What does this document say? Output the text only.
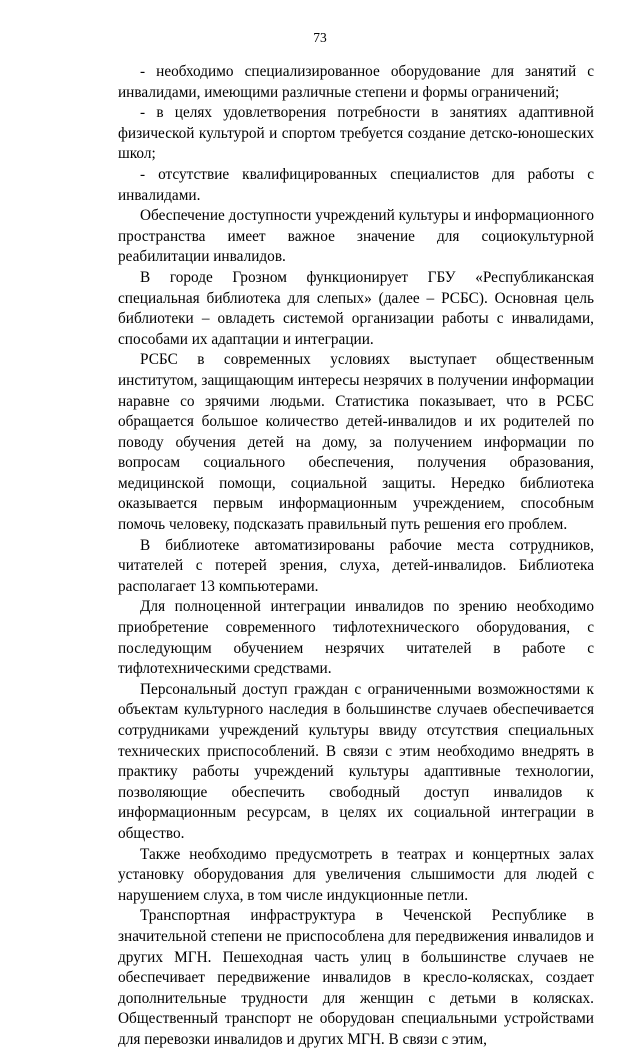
73

- необходимо специализированное оборудование для занятий с инвалидами, имеющими различные степени и формы ограничений;

- в целях удовлетворения потребности в занятиях адаптивной физической культурой и спортом требуется создание детско-юношеских школ;

- отсутствие квалифицированных специалистов для работы с инвалидами.

Обеспечение доступности учреждений культуры и информационного пространства имеет важное значение для социокультурной реабилитации инвалидов.

В городе Грозном функционирует ГБУ «Республиканская специальная библиотека для слепых» (далее – РСБС). Основная цель библиотеки – овладеть системой организации работы с инвалидами, способами их адаптации и интеграции.

РСБС в современных условиях выступает общественным институтом, защищающим интересы незрячих в получении информации наравне со зрячими людьми. Статистика показывает, что в РСБС обращается большое количество детей-инвалидов и их родителей по поводу обучения детей на дому, за получением информации по вопросам социального обеспечения, получения образования, медицинской помощи, социальной защиты. Нередко библиотека оказывается первым информационным учреждением, способным помочь человеку, подсказать правильный путь решения его проблем.

В библиотеке автоматизированы рабочие места сотрудников, читателей с потерей зрения, слуха, детей-инвалидов. Библиотека располагает 13 компьютерами.

Для полноценной интеграции инвалидов по зрению необходимо приобретение современного тифлотехнического оборудования, с последующим обучением незрячих читателей в работе с тифлотехническими средствами.

Персональный доступ граждан с ограниченными возможностями к объектам культурного наследия в большинстве случаев обеспечивается сотрудниками учреждений культуры ввиду отсутствия специальных технических приспособлений. В связи с этим необходимо внедрять в практику работы учреждений культуры адаптивные технологии, позволяющие обеспечить свободный доступ инвалидов к информационным ресурсам, в целях их социальной интеграции в общество.

Также необходимо предусмотреть в театрах и концертных залах установку оборудования для увеличения слышимости для людей с нарушением слуха, в том числе индукционные петли.

Транспортная инфраструктура в Чеченской Республике в значительной степени не приспособлена для передвижения инвалидов и других МГН. Пешеходная часть улиц в большинстве случаев не обеспечивает передвижение инвалидов в кресло-колясках, создает дополнительные трудности для женщин с детьми в колясках. Общественный транспорт не оборудован специальными устройствами для перевозки инвалидов и других МГН. В связи с этим,
